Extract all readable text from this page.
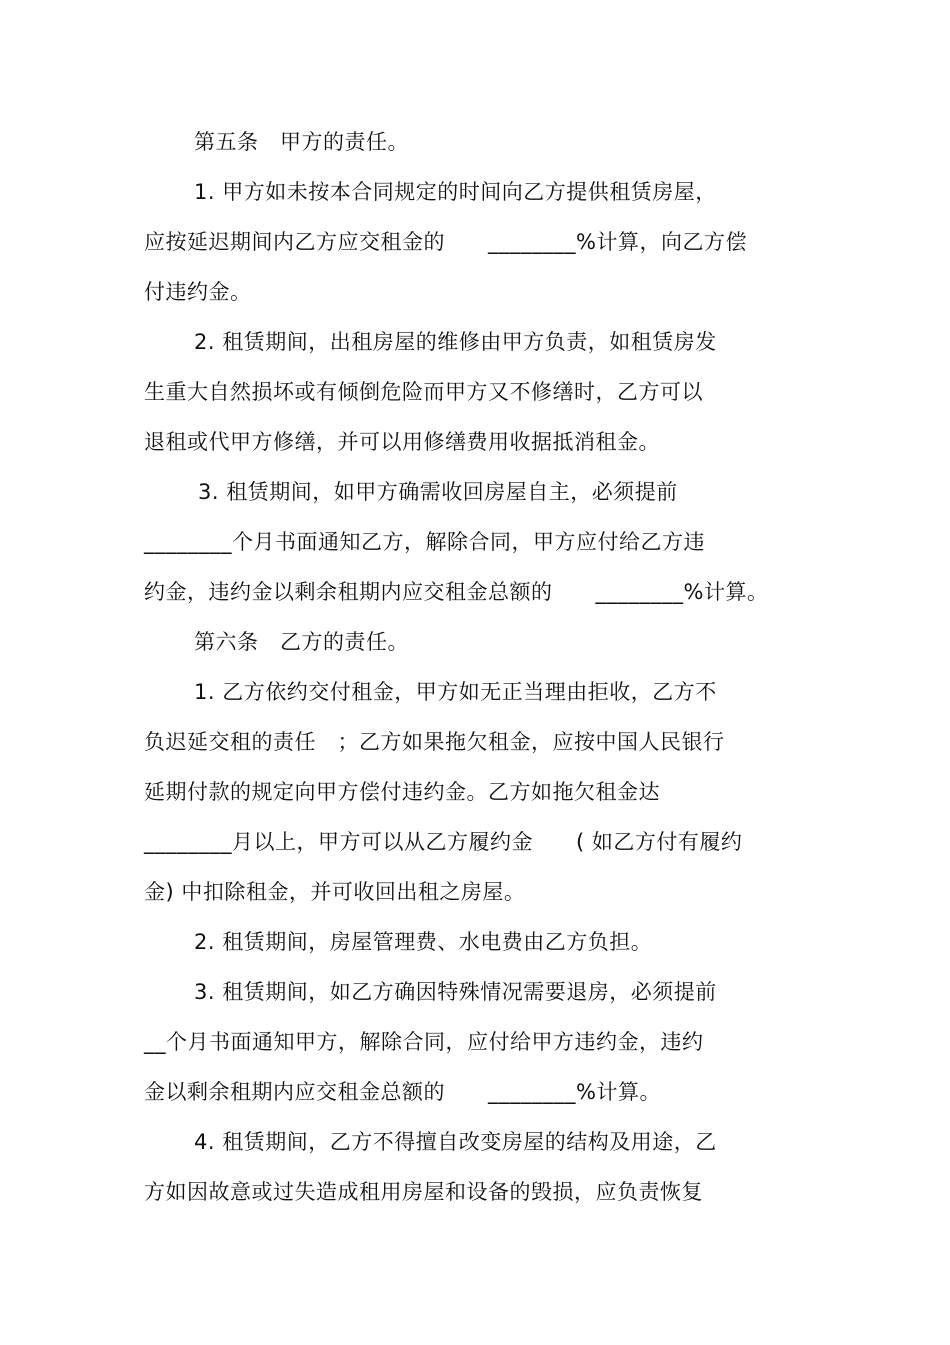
第五条　甲方的责任。
1. 甲方如未按本合同规定的时间向乙方提供租赁房屋，
应按延迟期间内乙方应交租金的　　________%计算，向乙方偿
付违约金。
2. 租赁期间，出租房屋的维修由甲方负责，如租赁房发
生重大自然损坏或有倾倒危险而甲方又不修缮时，乙方可以
退租或代甲方修缮，并可以用修缮费用收据抵消租金。
3. 租赁期间，如甲方确需收回房屋自主，必须提前
________个月书面通知乙方，解除合同，甲方应付给乙方违
约金，违约金以剩余租期内应交租金总额的　　________%计算。
第六条　乙方的责任。
1. 乙方依约交付租金，甲方如无正当理由拒收，乙方不
负迟延交租的责任　；乙方如果拖欠租金，应按中国人民银行
延期付款的规定向甲方偿付违约金。乙方如拖欠租金达
________月以上，甲方可以从乙方履约金　　( 如乙方付有履约
金) 中扣除租金，并可收回出租之房屋。
2. 租赁期间，房屋管理费、水电费由乙方负担。
3. 租赁期间，如乙方确因特殊情况需要退房，必须提前
__个月书面通知甲方，解除合同，应付给甲方违约金，违约
金以剩余租期内应交租金总额的　　________%计算。
4. 租赁期间，乙方不得擅自改变房屋的结构及用途，乙
方如因故意或过失造成租用房屋和设备的毁损，应负责恢复
